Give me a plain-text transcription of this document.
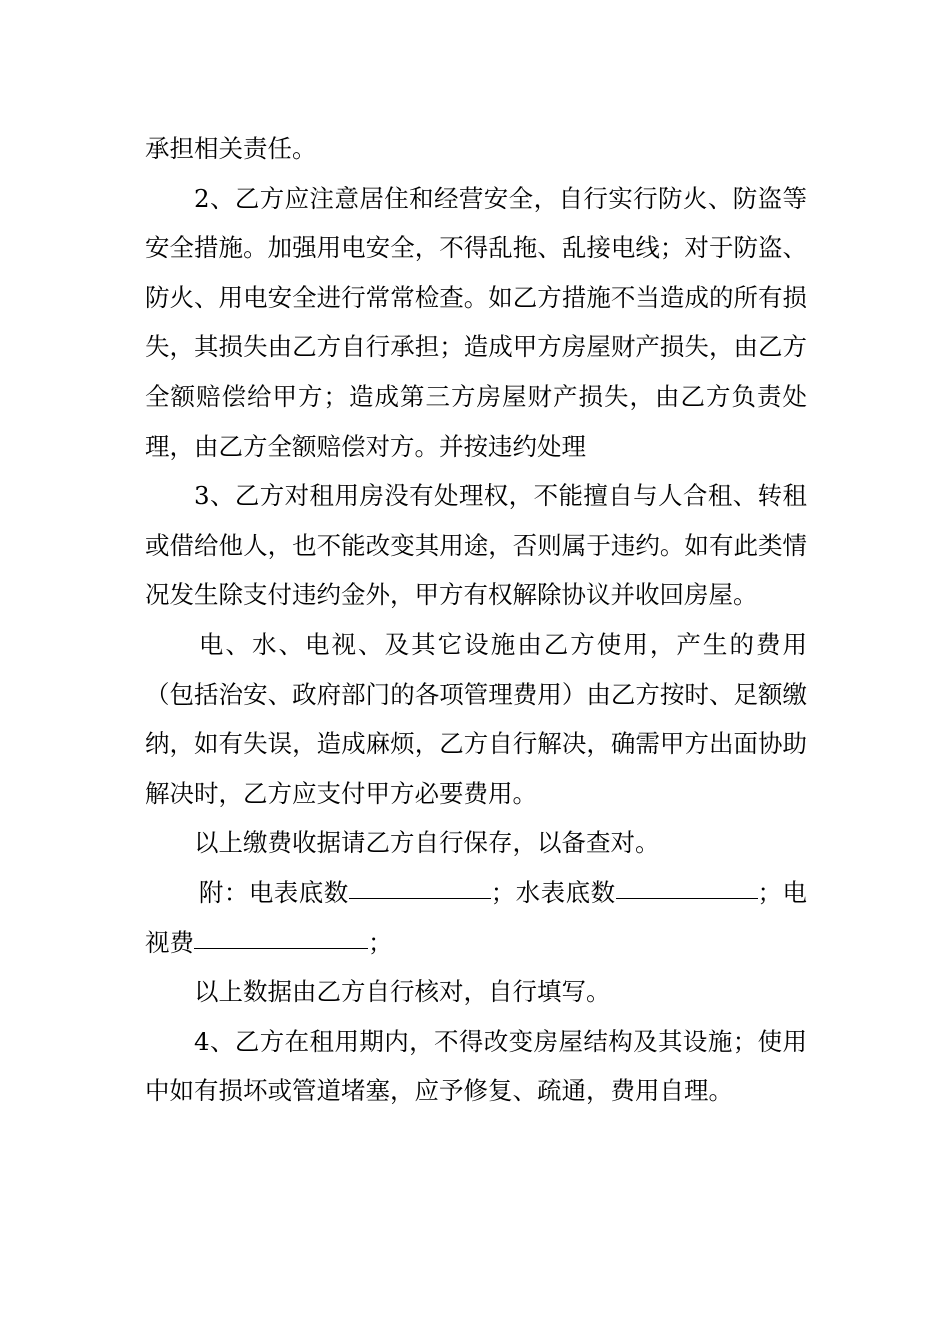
承担相关责任。

2、乙方应注意居住和经营安全，自行实行防火、防盗等安全措施。加强用电安全，不得乱拖、乱接电线；对于防盗、防火、用电安全进行常常检查。如乙方措施不当造成的所有损失，其损失由乙方自行承担；造成甲方房屋财产损失，由乙方全额赔偿给甲方；造成第三方房屋财产损失，由乙方负责处理，由乙方全额赔偿对方。并按违约处理

3、乙方对租用房没有处理权，不能擅自与人合租、转租或借给他人，也不能改变其用途，否则属于违约。如有此类情况发生除支付违约金外，甲方有权解除协议并收回房屋。

电、水、电视、及其它设施由乙方使用，产生的费用（包括治安、政府部门的各项管理费用）由乙方按时、足额缴纳，如有失误，造成麻烦，乙方自行解决，确需甲方出面协助解决时，乙方应支付甲方必要费用。

以上缴费收据请乙方自行保存，以备查对。

附：电表底数	；水表底数	；电视费	；

以上数据由乙方自行核对，自行填写。

4、乙方在租用期内，不得改变房屋结构及其设施；使用中如有损坏或管道堵塞，应予修复、疏通，费用自理。
